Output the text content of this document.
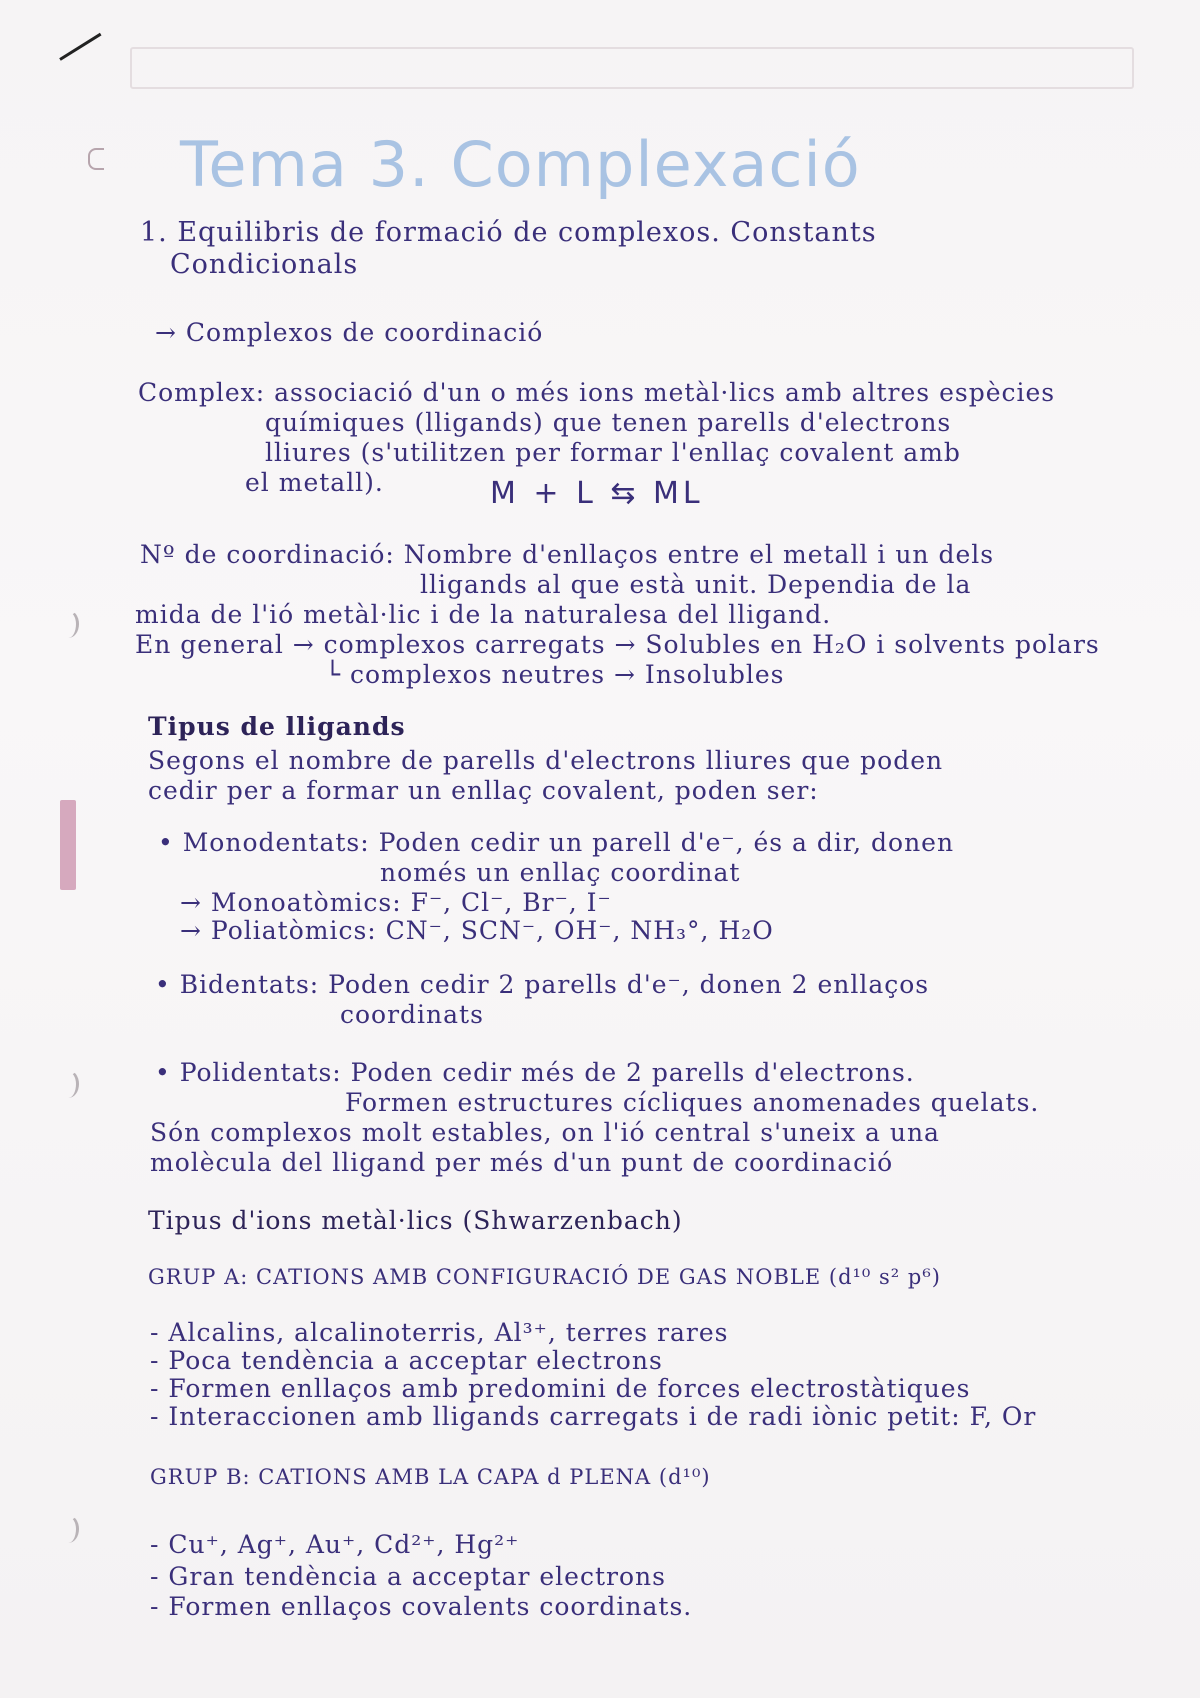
Tema 3. Complexació
1. Equilibris de formació de complexos. Constants
Condicionals
→ Complexos de coordinació
Complex: associació d'un o més ions metàl·lics amb altres espècies
químiques (lligands) que tenen parells d'electrons
lliures (s'utilitzen per formar l'enllaç covalent amb
el metall).	M + L ⇆ ML
Nº de coordinació: Nombre d'enllaços entre el metall i un dels
lligands al que està unit. Dependia de la
mida de l'ió metàl·lic i de la naturalesa del lligand.
En general → complexos carregats → Solubles en H₂O i solvents polars
└ complexos neutres → Insolubles
Tipus de lligands
Segons el nombre de parells d'electrons lliures que poden
cedir per a formar un enllaç covalent, poden ser:
• Monodentats: Poden cedir un parell d'e⁻, és a dir, donen
només un enllaç coordinat
→ Monoatòmics: F⁻, Cl⁻, Br⁻, I⁻
→ Poliatòmics: CN⁻, SCN⁻, OH⁻, NH₃°, H₂O
• Bidentats: Poden cedir 2 parells d'e⁻, donen 2 enllaços
coordinats
• Polidentats: Poden cedir més de 2 parells d'electrons.
Formen estructures cícliques anomenades quelats.
Són complexos molt estables, on l'ió central s'uneix a una
molècula del lligand per més d'un punt de coordinació
Tipus d'ions metàl·lics (Shwarzenbach)
GRUP A: CATIONS AMB CONFIGURACIÓ DE GAS NOBLE (d¹⁰ s² p⁶)
- Alcalins, alcalinoterris, Al³⁺, terres rares
- Poca tendència a acceptar electrons
- Formen enllaços amb predomini de forces electrostàtiques
- Interaccionen amb lligands carregats i de radi iònic petit: F, Or
GRUP B: CATIONS AMB LA CAPA d PLENA (d¹⁰)
- Cu⁺, Ag⁺, Au⁺, Cd²⁺, Hg²⁺
- Gran tendència a acceptar electrons
- Formen enllaços covalents coordinats.
